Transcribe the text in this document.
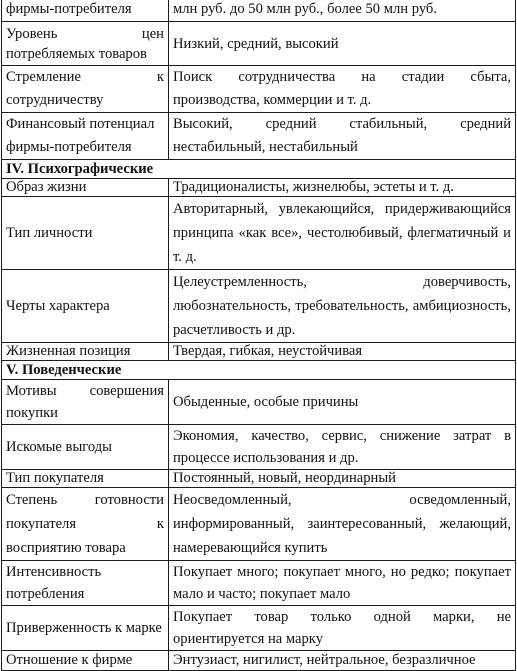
фирмы-потребителя	млн руб. до 50 млн руб., более 50 млн руб.
Уровень цен потребляемых товаров	Низкий, средний, высокий
Стремление к сотрудничеству	Поиск сотрудничества на стадии сбыта, производства, коммерции и т. д.
Финансовый потенциал фирмы-потребителя	Высокий, средний стабильный, средний нестабильный, нестабильный
IV. Психографические	
Образ жизни	Традиционалисты, жизнелюбы, эстеты и т. д.
Тип личности	Авторитарный, увлекающийся, придерживающийся принципа «как все», честолюбивый, флегматичный и т. д.
Черты характера	Целеустремленность, доверчивость, любознательность, требовательность, амбициозность, расчетливость и др.
Жизненная позиция	Твердая, гибкая, неустойчивая
V. Поведенческие	
Мотивы совершения покупки	Обыденные, особые причины
Искомые выгоды	Экономия, качество, сервис, снижение затрат в процессе использования и др.
Тип покупателя	Постоянный, новый, неординарный
Степень готовности покупателя к восприятию товара	Неосведомленный, осведомленный, информированный, заинтересованный, желающий, намеревающийся купить
Интенсивность потребления	Покупает много; покупает много, но редко; покупает мало и часто; покупает мало
Приверженность к марке	Покупает товар только одной марки, не ориентируется на марку
Отношение к фирме	Энтузиаст, нигилист, нейтральное, безразличное
